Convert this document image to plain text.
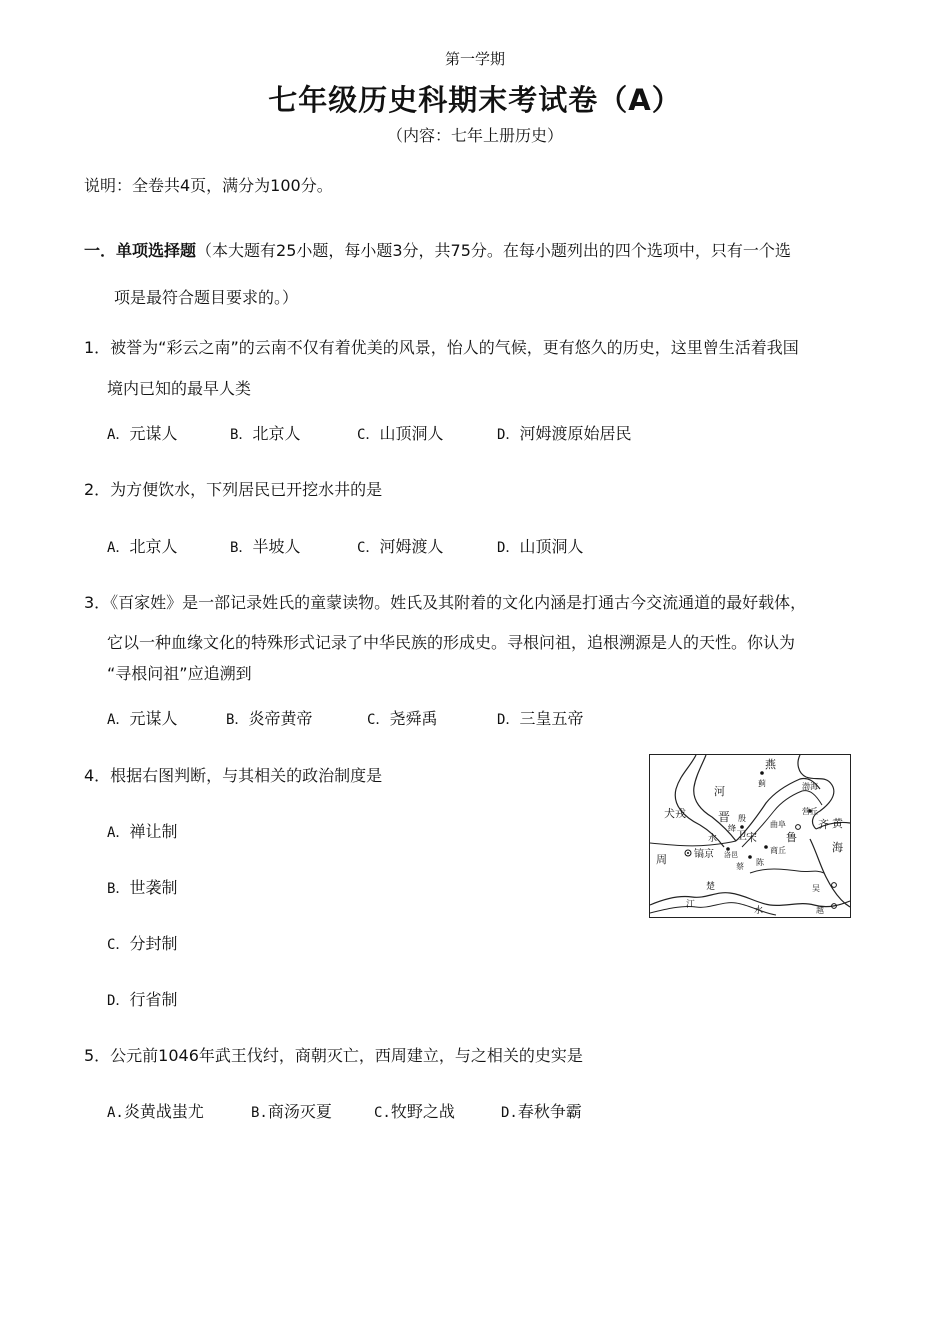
第一学期
七年级历史科期末考试卷（A）
（内容：七年上册历史）
说明：全卷共4页，满分为100分。
一．单项选择题（本大题有25小题，每小题3分，共75分。在每小题列出的四个选项中，只有一个选
项是最符合题目要求的。）
1．被誉为“彩云之南”的云南不仅有着优美的风景，怡人的气候，更有悠久的历史，这里曾生活着我国
境内已知的最早人类
A．元谋人	B．北京人	C．山顶洞人	D．河姆渡原始居民
2．为方便饮水，下列居民已开挖水井的是
A．北京人	B．半坡人	C．河姆渡人	D．山顶洞人
3．《百家姓》是一部记录姓氏的童蒙读物。姓氏及其附着的文化内涵是打通古今交流通道的最好载体，
它以一种血缘文化的特殊形式记录了中华民族的形成史。寻根问祖，追根溯源是人的天性。你认为
“寻根问祖”应追溯到
A．元谋人	B．炎帝黄帝	C．尧舜禹	D．三皇五帝
4．根据右图判断，与其相关的政治制度是
A．禅让制
B．世袭制
C．分封制
D．行省制
燕
蓟
河	渤海
犬戎	晋
绛
殷
营丘
齐 黄
海
水 卫 宋
曲阜
鲁
周	镐京 洛邑	商丘
蔡 陈
楚	吴
江
水	越
5．公元前1046年武王伐纣，商朝灭亡，西周建立，与之相关的史实是
A.炎黄战蚩尤	B.商汤灭夏	C.牧野之战	D.春秋争霸
